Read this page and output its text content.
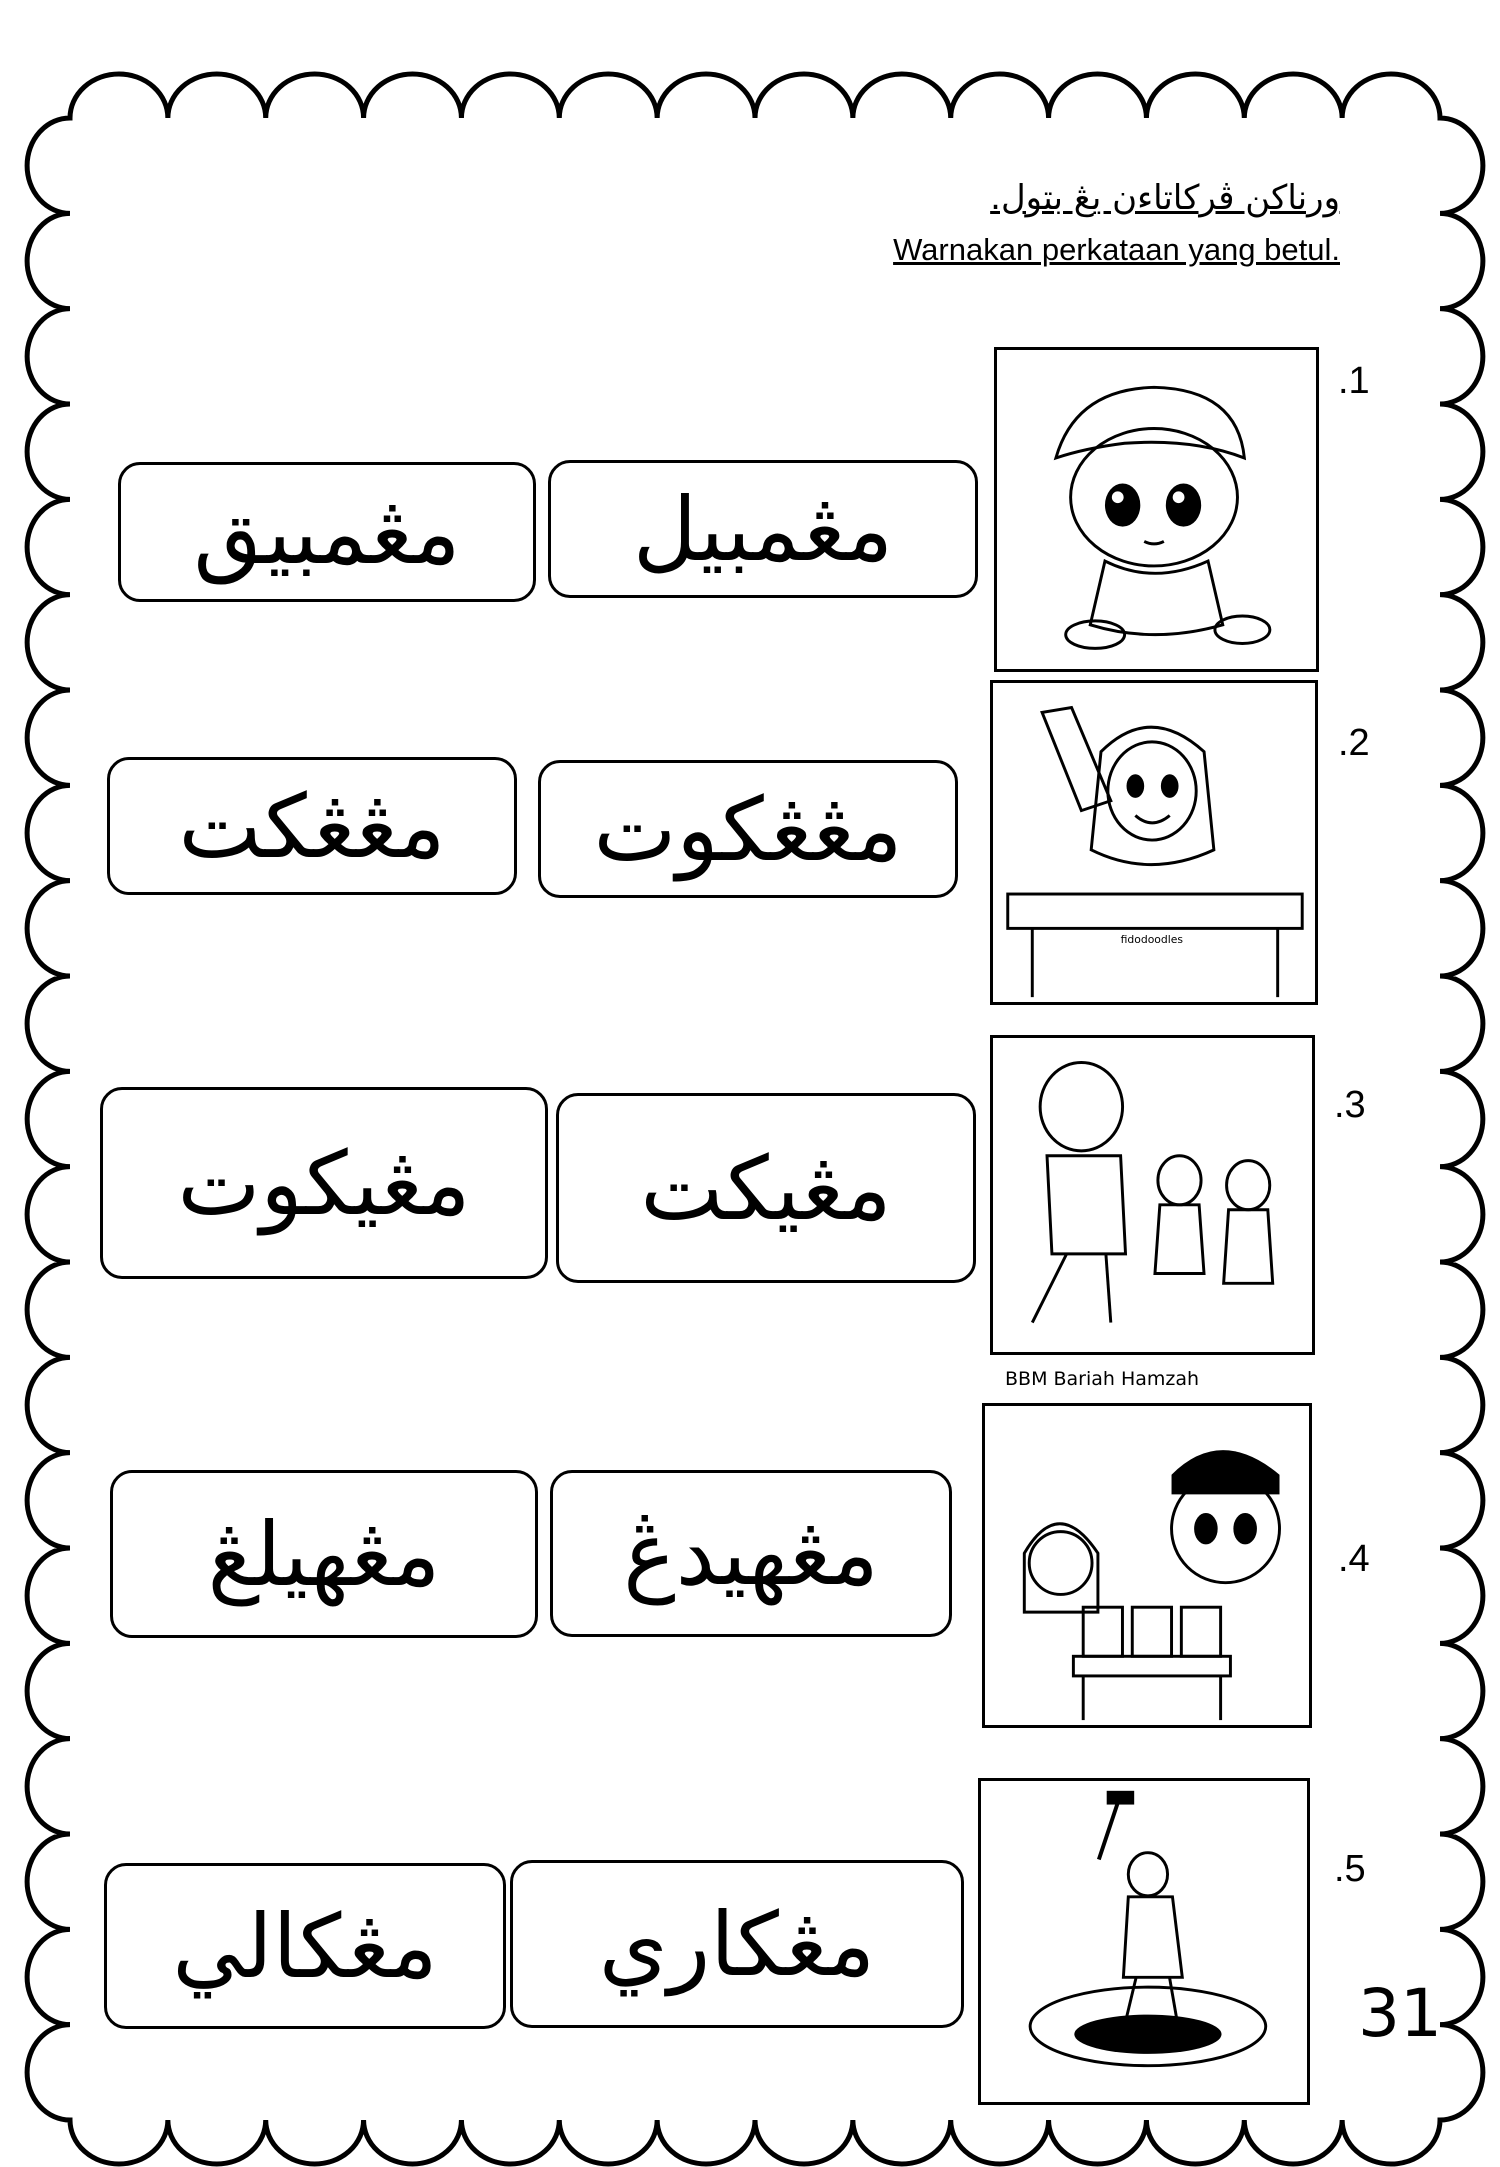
ورناکن ڤرکاتاءن يڠ بتول.
Warnakan perkataan yang betul.
.1
مڠمبيل
مڠمبيق
.2
fidodoodles
مڠڠکوت
مڠڠکت
.3
BBM Bariah Hamzah
مڠيکت
مڠيکوت
.4
مڠهيدڠ
مڠهيلڠ
.5
مڠکاري
مڠکالي
31
